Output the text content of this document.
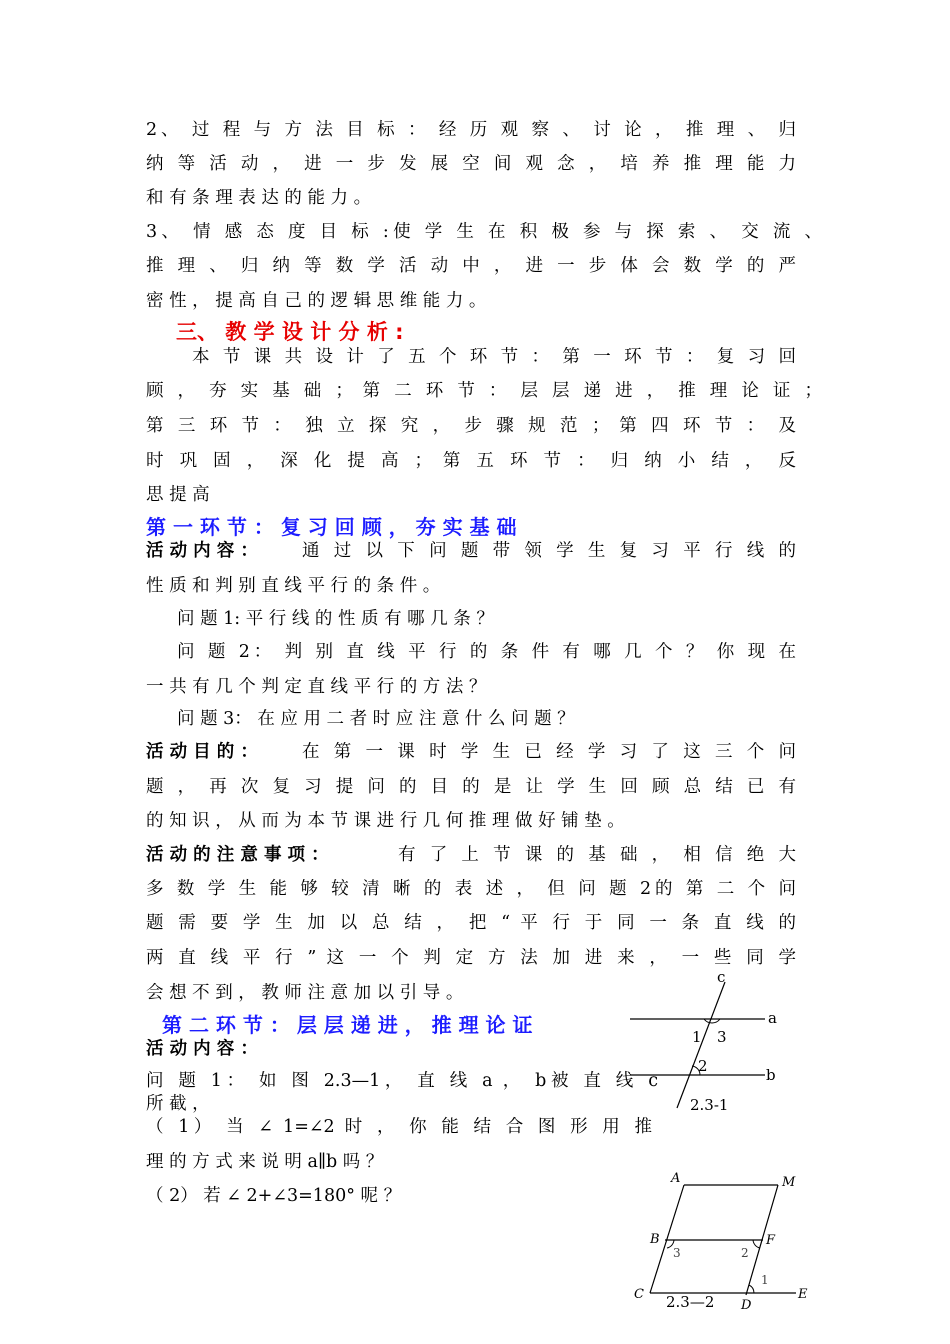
2、 过 程 与 方 法 目 标 ： 经 历 观 察 、 讨 论 ， 推 理 、 归
纳 等 活 动 ， 进 一 步 发 展 空 间 观 念 ， 培 养 推 理 能 力
和 有 条 理 表 达 的 能 力 。
3、 情 感 态 度 目 标 :使 学 生 在 积 极 参 与 探 索 、 交 流 、
推 理 、 归 纳 等 数 学 活 动 中 ， 进 一 步 体 会 数 学 的 严
密 性 ， 提 高 自 己 的 逻 辑 思 维 能 力 。
三、 教 学 设 计 分 析 :
本 节 课 共 设 计 了 五 个 环 节 ： 第 一 环 节 ： 复 习 回
顾 ， 夯 实 基 础 ； 第 二 环 节 ： 层 层 递 进 ， 推 理 论 证 ；
第 三 环 节 ： 独 立 探 究 ， 步 骤 规 范 ； 第 四 环 节 ： 及
时 巩 固 ， 深 化 提 高 ； 第 五 环 节 ： 归 纳 小 结 ， 反
思 提 高
第 一 环 节 ： 复 习 回 顾 ， 夯 实 基 础
活 动 内 容 ：	通 过 以 下 问 题 带 领 学 生 复 习 平 行 线 的
性 质 和 判 别 直 线 平 行 的 条 件 。
问 题 1: 平 行 线 的 性 质 有 哪 几 条 ？
问 题 2： 判 别 直 线 平 行 的 条 件 有 哪 几 个 ？ 你 现 在
一 共 有 几 个 判 定 直 线 平 行 的 方 法 ？
问 题 3： 在 应 用 二 者 时 应 注 意 什 么 问 题 ？
活 动 目 的 ：	在 第 一 课 时 学 生 已 经 学 习 了 这 三 个 问
题 ， 再 次 复 习 提 问 的 目 的 是 让 学 生 回 顾 总 结 已 有
的 知 识 ， 从 而 为 本 节 课 进 行 几 何 推 理 做 好 铺 垫 。
活 动 的 注 意 事 项 ：	有 了 上 节 课 的 基 础 ， 相 信 绝 大
多 数 学 生 能 够 较 清 晰 的 表 述 ， 但 问 题 2的 第 二 个 问
题 需 要 学 生 加 以 总 结 ， 把 “ 平 行 于 同 一 条 直 线 的
两 直 线 平 行 ” 这 一 个 判 定 方 法 加 进 来 ， 一 些 同 学
会 想 不 到 ， 教 师 注 意 加 以 引 导 。
第 二 环 节 ： 层 层 递 进 ， 推 理 论 证
活 动 内 容 ：
问 题 1： 如 图 2.3—1， 直 线 a ， b被 直 线 c
所 截 ，
（ 1） 当 ∠ 1=∠2 时 ， 你 能 结 合 图 形 用 推
理 的 方 式 来 说 明 a∥b 吗 ？
（ 2） 若 ∠ 2+∠3=180° 呢 ？
c
a
b
1 3
2
2.3-1
A	M
B	F
C
D
E
3	2
1
2.3—2
